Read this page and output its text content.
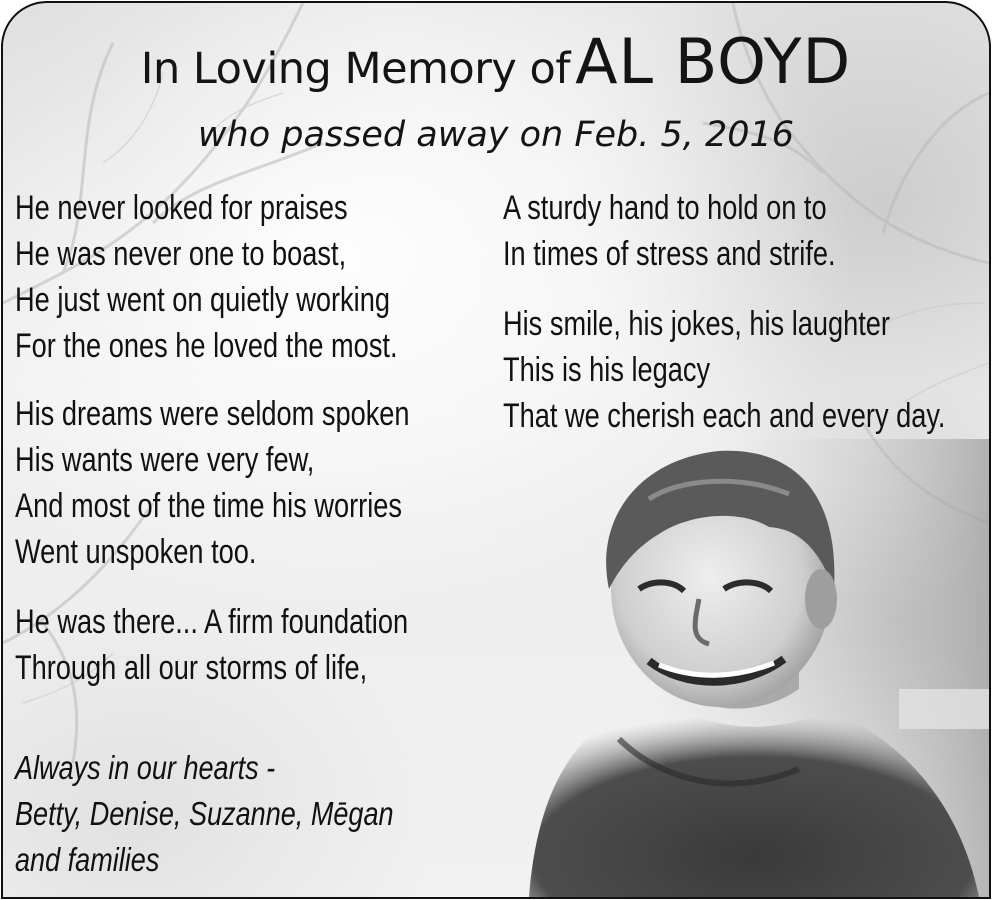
In Loving Memory of AL BOYD
who passed away on Feb. 5, 2016
He never looked for praises
He was never one to boast,
He just went on quietly working
For the ones he loved the most.
His dreams were seldom spoken
His wants were very few,
And most of the time his worries
Went unspoken too.
He was there... A firm foundation
Through all our storms of life,
A sturdy hand to hold on to
In times of stress and strife.
His smile, his jokes, his laughter
This is his legacy
That we cherish each and every day.
Always in our hearts -
Betty, Denise, Suzanne, Mēgan
and families
